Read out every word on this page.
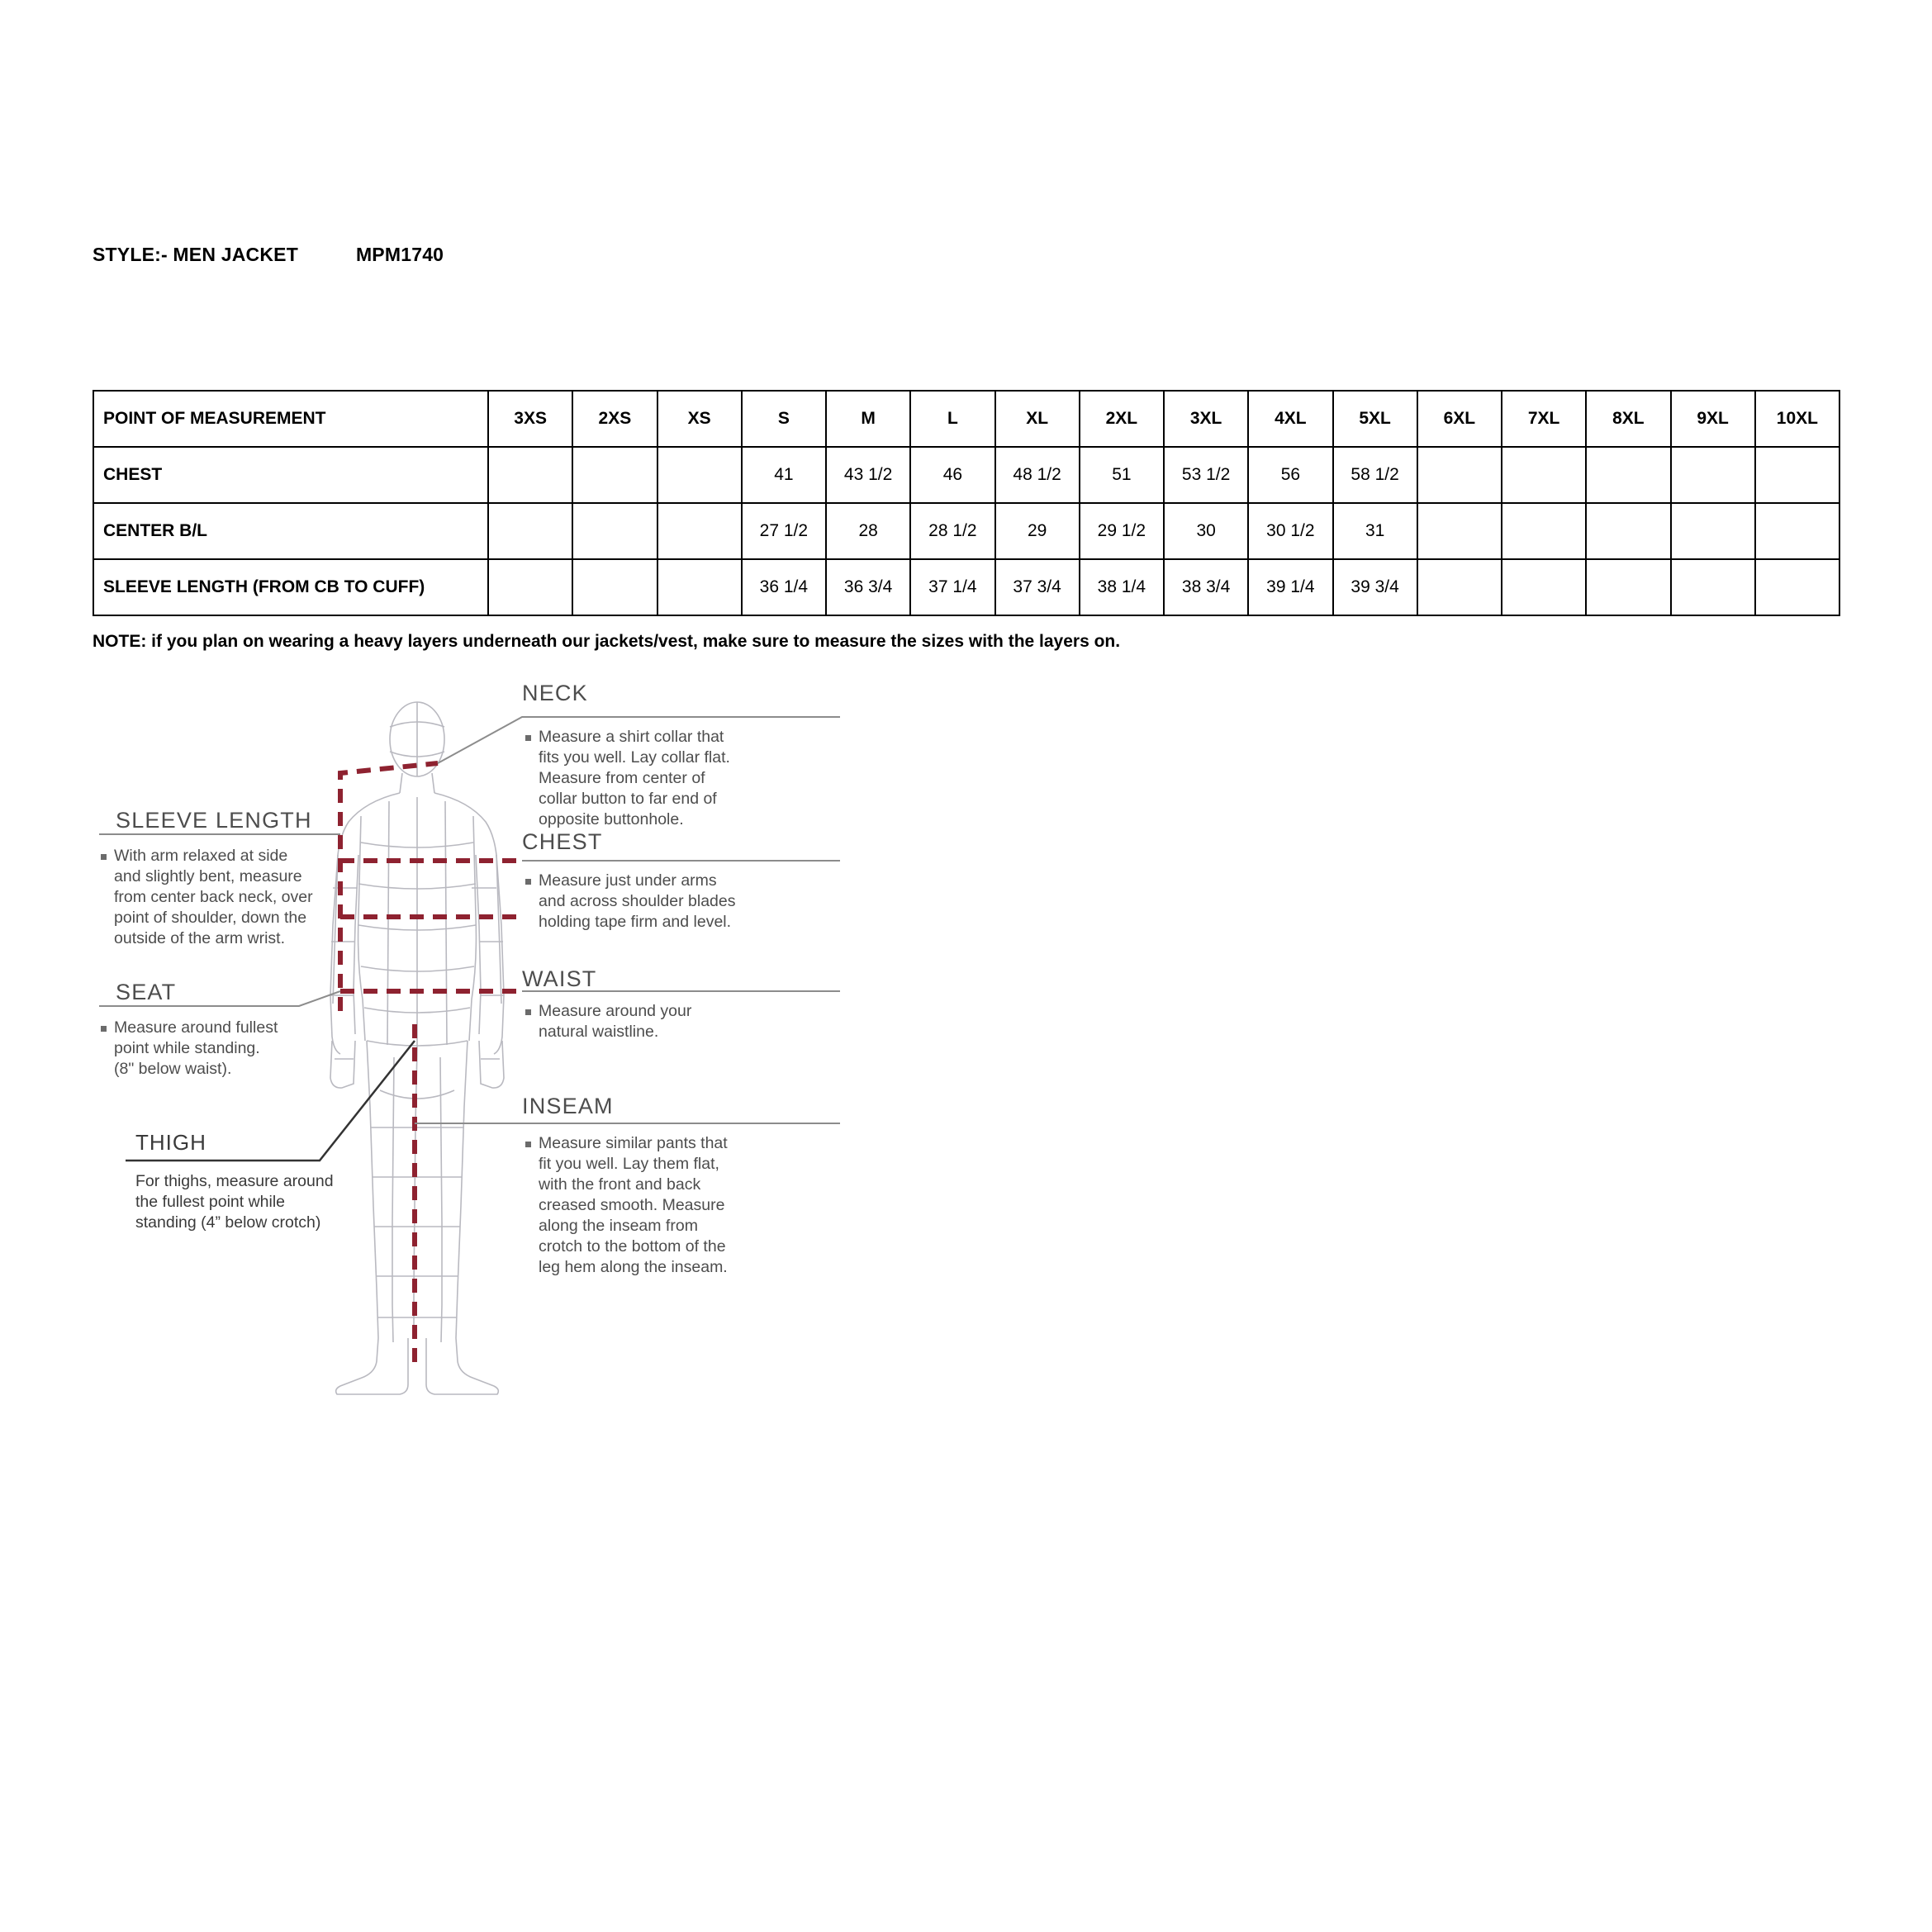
STYLE:- MEN JACKET	MPM1740
POINT OF MEASUREMENT	3XS	2XS	XS	S	M	L	XL	2XL	3XL	4XL	5XL	6XL	7XL	8XL	9XL	10XL
CHEST				41	43 1/2	46	48 1/2	51	53 1/2	56	58 1/2					
CENTER B/L				27 1/2	28	28 1/2	29	29 1/2	30	30 1/2	31					
SLEEVE LENGTH (FROM CB TO CUFF)				36 1/4	36 3/4	37 1/4	37 3/4	38 1/4	38 3/4	39 1/4	39 3/4					
NOTE: if you plan on wearing a heavy layers underneath our jackets/vest, make sure to measure the sizes with the layers on.
NECK
Measure a shirt collar that
fits you well. Lay collar flat.
Measure from center of
collar button to far end of
opposite buttonhole.
CHEST
Measure just under arms
and across shoulder blades
holding tape firm and level.
WAIST
Measure around your
natural waistline.
INSEAM
Measure similar pants that
fit you well. Lay them flat,
with the front and back
creased smooth. Measure
along the inseam from
crotch to the bottom of the
leg hem along the inseam.
SLEEVE LENGTH
With arm relaxed at side
and slightly bent, measure
from center back neck, over
point of shoulder, down the
outside of the arm wrist.
SEAT
Measure around fullest
point while standing.
(8" below waist).
THIGH
For thighs, measure around
the fullest point while
standing (4” below crotch)
